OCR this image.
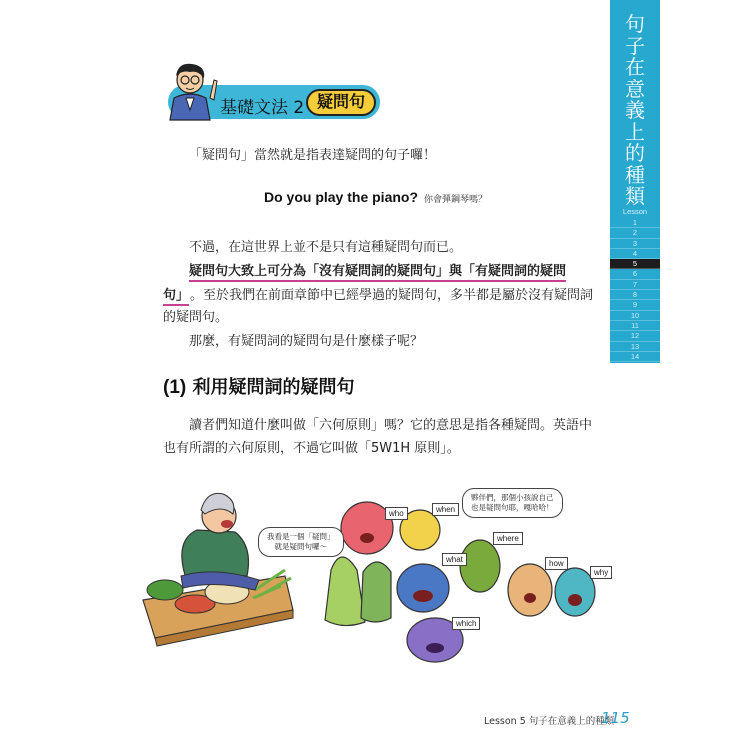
句
子
在
意
義
上
的
種
類
Lesson
1
2
3
4
5
6
7
8
9
10
11
12
13
14
基礎文法 2 疑問句
「疑問句」當然就是指表達疑問的句子囉！
Do you play the piano? 你會彈鋼琴嗎？
不過，在這世界上並不是只有這種疑問句而已。
疑問句大致上可分為「沒有疑問詞的疑問句」與「有疑問詞的疑問
句」 。至於我們在前面章節中已經學過的疑問句，多半都是屬於沒有疑問詞
的疑問句。
那麼，有疑問詞的疑問句是什麼樣子呢？
(1) 利用疑問詞的疑問句
讀者們知道什麼叫做「六何原則」嗎？它的意思是指各種疑問。英語中
也有所謂的六何原則，不過它叫做「5W1H 原則」。
我看是一個「疑問」
就是疑問句囉～
夥伴們，那個小孩說自己
也是疑問句耶，嘎哈哈！
who	when
what
where
how
why
which
Lesson 5 句子在意義上的種類
115
